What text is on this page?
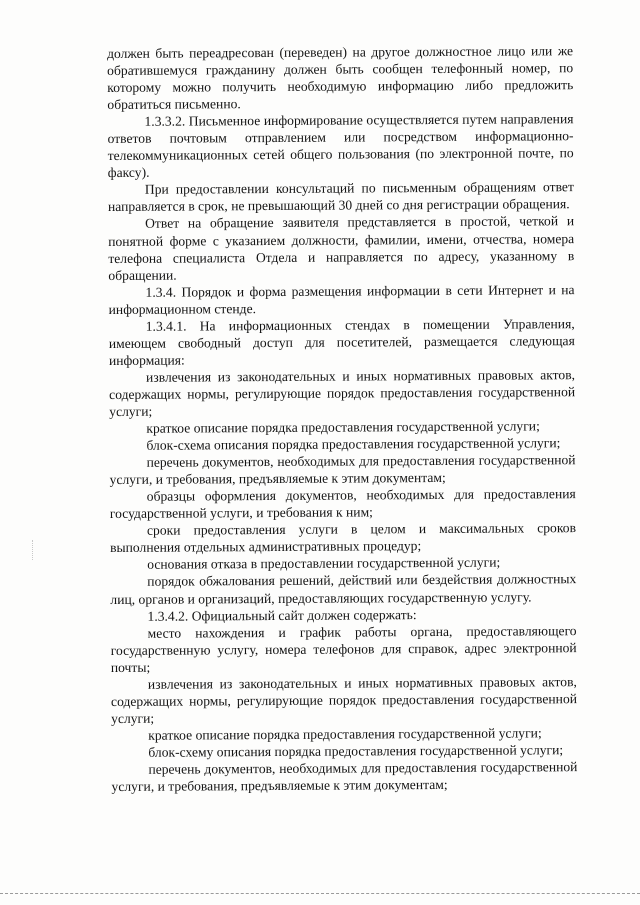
должен быть переадресован (переведен) на другое должностное лицо или же обратившемуся гражданину должен быть сообщен телефонный номер, по которому можно получить необходимую информацию либо предложить обратиться письменно.

1.3.3.2. Письменное информирование осуществляется путем направления ответов почтовым отправлением или посредством информационно-телекоммуникационных сетей общего пользования (по электронной почте, по факсу).

При предоставлении консультаций по письменным обращениям ответ направляется в срок, не превышающий 30 дней со дня регистрации обращения.

Ответ на обращение заявителя представляется в простой, четкой и понятной форме с указанием должности, фамилии, имени, отчества, номера телефона специалиста Отдела и направляется по адресу, указанному в обращении.

1.3.4. Порядок и форма размещения информации в сети Интернет и на информационном стенде.

1.3.4.1. На информационных стендах в помещении Управления, имеющем свободный доступ для посетителей, размещается следующая информация:

извлечения из законодательных и иных нормативных правовых актов, содержащих нормы, регулирующие порядок предоставления государственной услуги;

краткое описание порядка предоставления государственной услуги;

блок-схема описания порядка предоставления государственной услуги;

перечень документов, необходимых для предоставления государственной услуги, и требования, предъявляемые к этим документам;

образцы оформления документов, необходимых для предоставления государственной услуги, и требования к ним;

сроки предоставления услуги в целом и максимальных сроков выполнения отдельных административных процедур;

основания отказа в предоставлении государственной услуги;

порядок обжалования решений, действий или бездействия должностных лиц, органов и организаций, предоставляющих государственную услугу.

1.3.4.2. Официальный сайт должен содержать:

место нахождения и график работы органа, предоставляющего государственную услугу, номера телефонов для справок, адрес электронной почты;

извлечения из законодательных и иных нормативных правовых актов, содержащих нормы, регулирующие порядок предоставления государственной услуги;

краткое описание порядка предоставления государственной услуги;

блок-схему описания порядка предоставления государственной услуги;

перечень документов, необходимых для предоставления государственной услуги, и требования, предъявляемые к этим документам;
